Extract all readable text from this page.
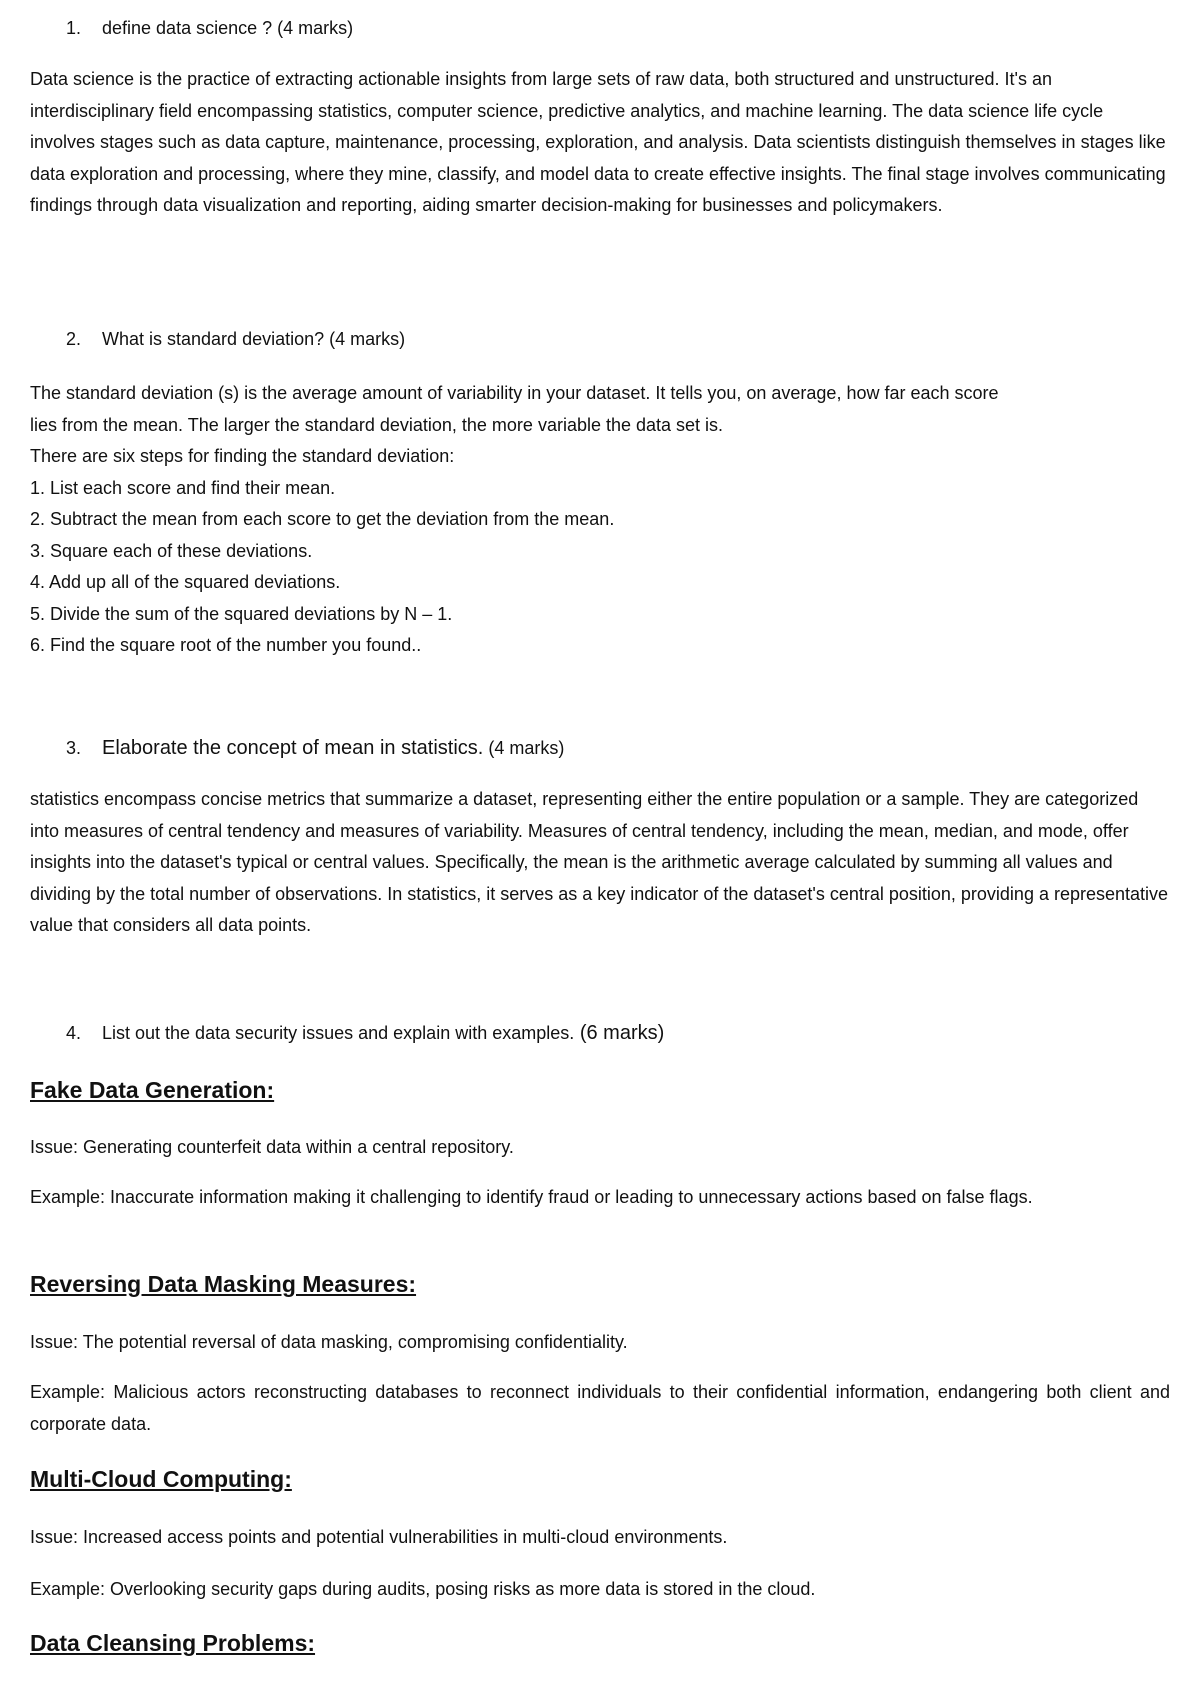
1. define data science ? (4 marks)
Data science is the practice of extracting actionable insights from large sets of raw data, both structured and unstructured. It's an interdisciplinary field encompassing statistics, computer science, predictive analytics, and machine learning. The data science life cycle involves stages such as data capture, maintenance, processing, exploration, and analysis. Data scientists distinguish themselves in stages like data exploration and processing, where they mine, classify, and model data to create effective insights. The final stage involves communicating findings through data visualization and reporting, aiding smarter decision-making for businesses and policymakers.
2. What is standard deviation? (4 marks)
The standard deviation (s) is the average amount of variability in your dataset. It tells you, on average, how far each score
lies from the mean. The larger the standard deviation, the more variable the data set is.
There are six steps for finding the standard deviation:
1. List each score and find their mean.
2. Subtract the mean from each score to get the deviation from the mean.
3. Square each of these deviations.
4. Add up all of the squared deviations.
5. Divide the sum of the squared deviations by N – 1.
6. Find the square root of the number you found..
3. Elaborate the concept of mean in statistics. (4 marks)
statistics encompass concise metrics that summarize a dataset, representing either the entire population or a sample. They are categorized into measures of central tendency and measures of variability. Measures of central tendency, including the mean, median, and mode, offer insights into the dataset's typical or central values. Specifically, the mean is the arithmetic average calculated by summing all values and dividing by the total number of observations. In statistics, it serves as a key indicator of the dataset's central position, providing a representative value that considers all data points.
4. List out the data security issues and explain with examples. (6 marks)
Fake Data Generation:
Issue: Generating counterfeit data within a central repository.
Example: Inaccurate information making it challenging to identify fraud or leading to unnecessary actions based on false flags.
Reversing Data Masking Measures:
Issue: The potential reversal of data masking, compromising confidentiality.
Example: Malicious actors reconstructing databases to reconnect individuals to their confidential information, endangering both client and corporate data.
Multi-Cloud Computing:
Issue: Increased access points and potential vulnerabilities in multi-cloud environments.
Example: Overlooking security gaps during audits, posing risks as more data is stored in the cloud.
Data Cleansing Problems:
